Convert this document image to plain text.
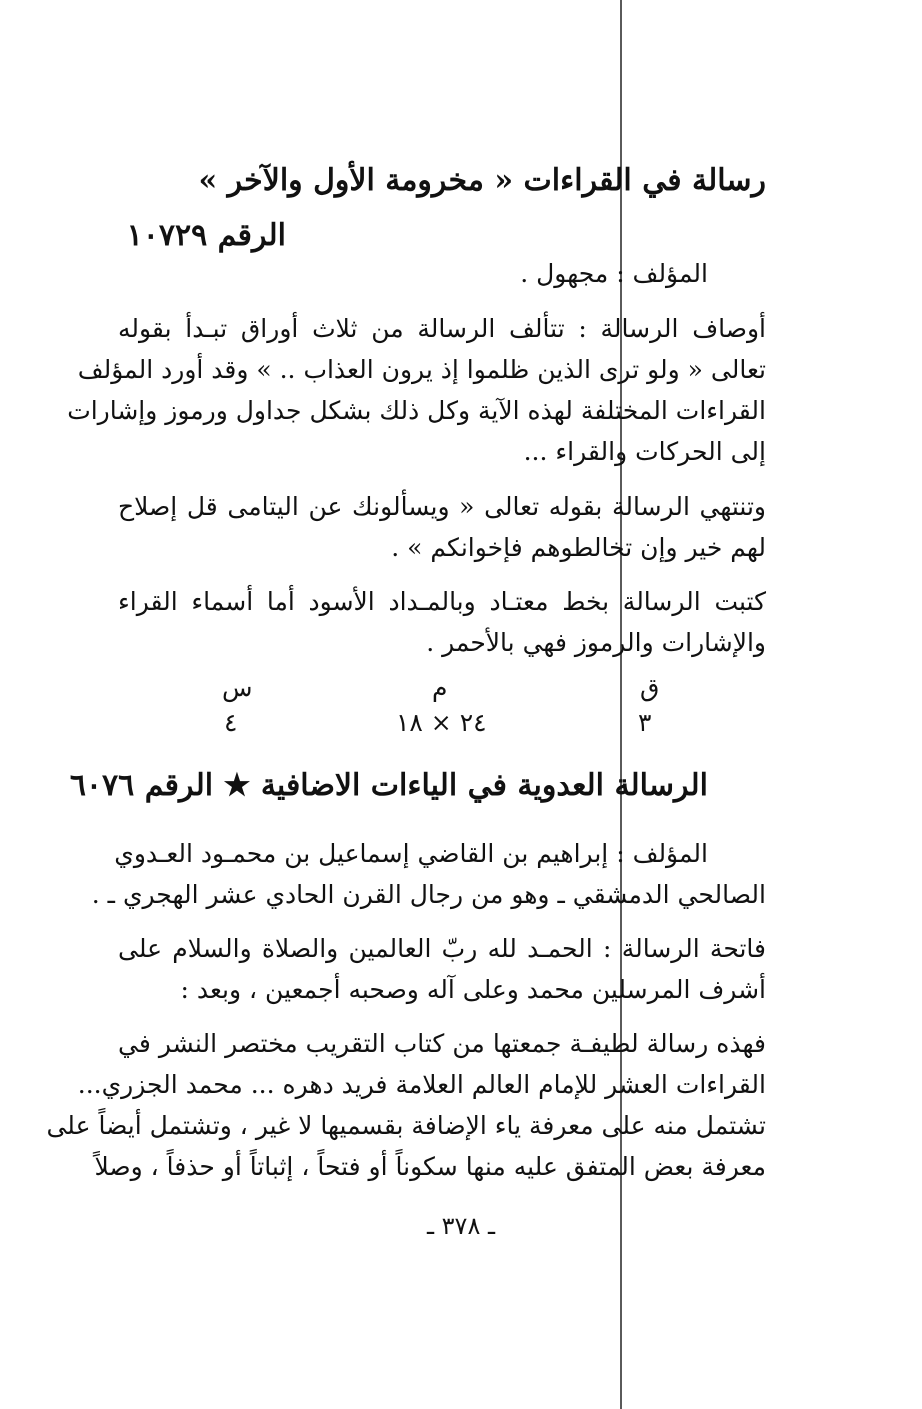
رسالة في القراءات « مخرومة الأول والآخر »
الرقم ١٠٧٢٩
المؤلف : مجهول .
أوصاف الرسالة : تتألف الرسالة من ثلاث أوراق تبـدأ بقوله
تعالى « ولو ترى الذين ظلموا إذ يرون العذاب .. » وقد أورد المؤلف
القراءات المختلفة لهذه الآية وكل ذلك بشكل جداول ورموز وإشارات
إلى الحركات والقراء ...
وتنتهي الرسالة بقوله تعالى « ويسألونك عن اليتامى قل إصلاح
لهم خير وإن تخالطوهم فإخوانكم » .
كتبت الرسالة بخط معتـاد وبالمـداد الأسود أما أسماء القراء
والإشارات والرموز فهي بالأحمر .
ق
م
س
٣
٢٤ × ١٨
٤
الرسالة العدوية في الياءات الاضافية ★ الرقم ٦٠٧٦
المؤلف : إبراهيم بن القاضي إسماعيل بن محمـود العـدوي
الصالحي الدمشقي ـ وهو من رجال القرن الحادي عشر الهجري ـ .
فاتحة الرسالة : الحمـد لله ربّ العالمين والصلاة والسلام على
أشرف المرسلين محمد وعلى آله وصحبه أجمعين ، وبعد :
فهذه رسالة لطيفـة جمعتها من كتاب التقريب مختصر النشر في
القراءات العشر للإمام العالم العلامة فريد دهره ... محمد الجزري...
تشتمل منه على معرفة ياء الإضافة بقسميها لا غير ، وتشتمل أيضاً على
معرفة بعض المتفق عليه منها سكوناً أو فتحاً ، إثباتاً أو حذفاً ، وصلاً
ـ ٣٧٨ ـ
